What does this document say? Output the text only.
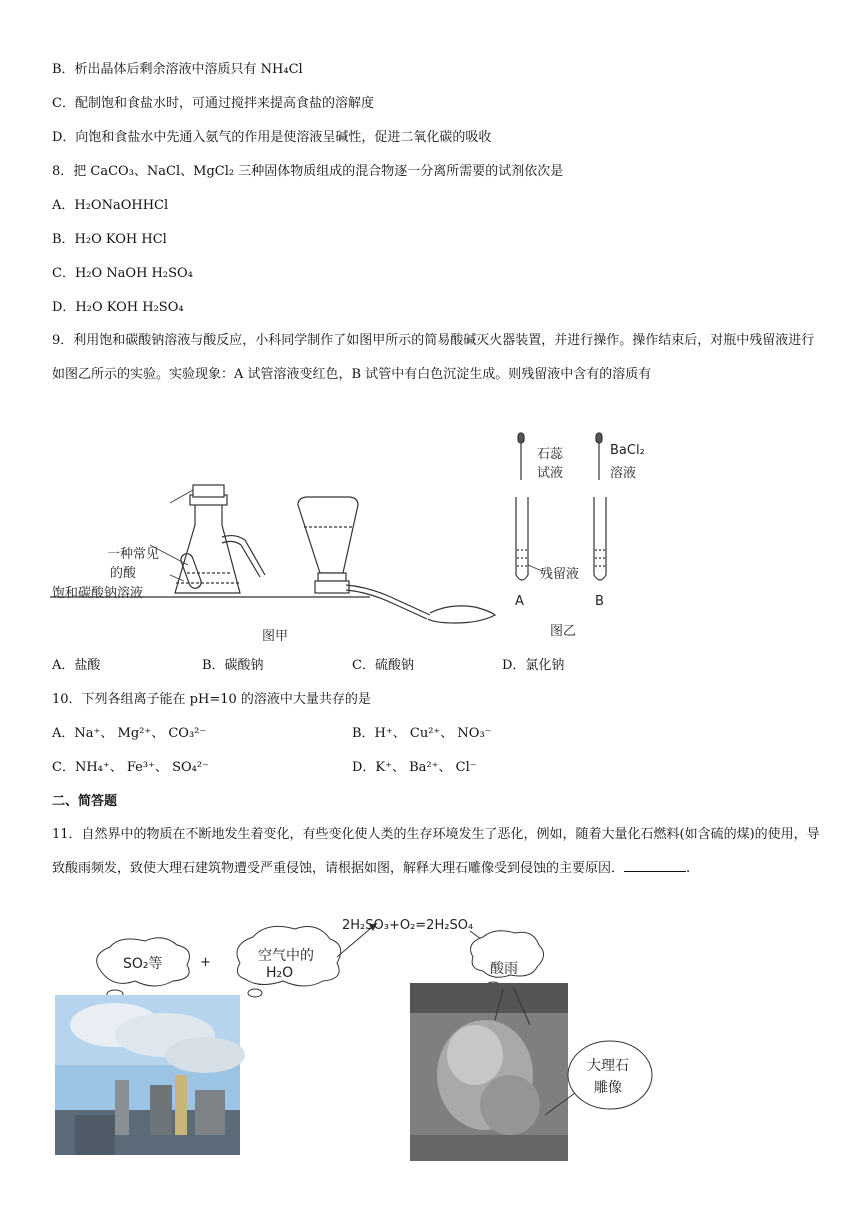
B．析出晶体后剩余溶液中溶质只有 NH₄Cl
C．配制饱和食盐水时，可通过搅拌来提高食盐的溶解度
D．向饱和食盐水中先通入氨气的作用是使溶液呈碱性，促进二氧化碳的吸收
8．把 CaCO₃、NaCl、MgCl₂ 三种固体物质组成的混合物逐一分离所需要的试剂依次是
A．H₂ONaOHHCl
B．H₂O KOH HCl
C．H₂O NaOH H₂SO₄
D．H₂O KOH H₂SO₄
9．利用饱和碳酸钠溶液与酸反应，小科同学制作了如图甲所示的简易酸碱灭火器装置，并进行操作。操作结束后，对瓶中残留液进行如图乙所示的实验。实验现象：A 试管溶液变红色，B 试管中有白色沉淀生成。则残留液中含有的溶质有
一种常见
的酸
饱和碳酸钠溶液
图甲
石蕊
试液
BaCl₂
溶液
残留液
A	B
图乙
A．盐酸	B．碳酸钠	C．硫酸钠	D．氯化钠
10．下列各组离子能在 pH=10 的溶液中大量共存的是
A．Na⁺、 Mg²⁺、 CO₃²⁻	B．H⁺、 Cu²⁺、 NO₃⁻
C．NH₄⁺、 Fe³⁺、 SO₄²⁻	D．K⁺、 Ba²⁺、 Cl⁻
二、简答题
11．自然界中的物质在不断地发生着变化，有些变化使人类的生存环境发生了恶化，例如，随着大量化石燃料(如含硫的煤)的使用，导致酸雨频发，致使大理石建筑物遭受严重侵蚀，请根据如图，解释大理石雕像受到侵蚀的主要原因．	.
SO₂等	+	空气中的
H₂O
2H₂SO₃+O₂=2H₂SO₄
酸雨
大理石
雕像
